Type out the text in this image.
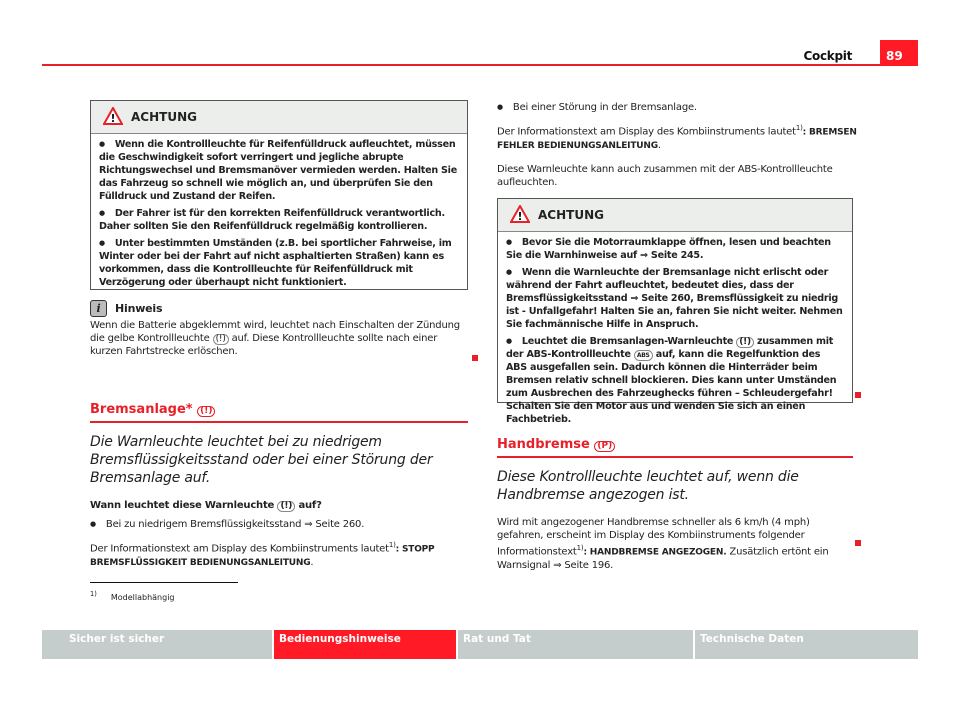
Cockpit	89
! ACHTUNG

● Wenn die Kontrollleuchte für Reifenfülldruck aufleuchtet, müssen die Geschwindigkeit sofort verringert und jegliche abrupte Richtungswechsel und Bremsmanöver vermieden werden. Halten Sie das Fahrzeug so schnell wie möglich an, und überprüfen Sie den Fülldruck und Zustand der Reifen.

● Der Fahrer ist für den korrekten Reifenfülldruck verantwortlich. Daher sollten Sie den Reifenfülldruck regelmäßig kontrollieren.

● Unter bestimmten Umständen (z.B. bei sportlicher Fahrweise, im Winter oder bei der Fahrt auf nicht asphaltierten Straßen) kann es vorkommen, dass die Kontrollleuchte für Reifenfülldruck mit Verzögerung oder überhaupt nicht funktioniert.

i	Hinweis

Wenn die Batterie abgeklemmt wird, leuchtet nach Einschalten der Zündung die gelbe Kontrollleuchte (!) auf. Diese Kontrollleuchte sollte nach einer kurzen Fahrtstrecke erlöschen.

Bremsanlage* (!)

Die Warnleuchte leuchtet bei zu niedrigem Bremsflüssigkeitsstand oder bei einer Störung der Bremsanlage auf.

Wann leuchtet diese Warnleuchte (!) auf?

● Bei zu niedrigem Bremsflüssigkeitsstand ⇒ Seite 260.

Der Informationstext am Display des Kombiinstruments lautet$^{1)}$: STOPP BREMSFLÜSSIGKEIT BEDIENUNGSANLEITUNG.

● Bei einer Störung in der Bremsanlage.

Der Informationstext am Display des Kombiinstruments lautet$^{1)}$: BREMSEN FEHLER BEDIENUNGSANLEITUNG.

Diese Warnleuchte kann auch zusammen mit der ABS-Kontrollleuchte aufleuchten.

! ACHTUNG

● Bevor Sie die Motorraumklappe öffnen, lesen und beachten Sie die Warnhinweise auf ⇒ Seite 245.

● Wenn die Warnleuchte der Bremsanlage nicht erlischt oder während der Fahrt aufleuchtet, bedeutet dies, dass der Bremsflüssigkeitsstand ⇒ Seite 260, Bremsflüssigkeit zu niedrig ist - Unfallgefahr! Halten Sie an, fahren Sie nicht weiter. Nehmen Sie fachmännische Hilfe in Anspruch.

● Leuchtet die Bremsanlagen-Warnleuchte (!) zusammen mit der ABS-Kontrollleuchte ABS auf, kann die Regelfunktion des ABS ausgefallen sein. Dadurch können die Hinterräder beim Bremsen relativ schnell blockieren. Dies kann unter Umständen zum Ausbrechen des Fahrzeughecks führen – Schleudergefahr! Schalten Sie den Motor aus und wenden Sie sich an einen Fachbetrieb.

Handbremse (P)

Diese Kontrollleuchte leuchtet auf, wenn die Handbremse angezogen ist.

Wird mit angezogener Handbremse schneller als 6 km/h (4 mph) gefahren, erscheint im Display des Kombiinstruments folgender Informationstext$^{1)}$: HANDBREMSE ANGEZOGEN. Zusätzlich ertönt ein Warnsignal ⇒ Seite 196.

$^{1)}$ Modellabhängig
Sicher ist sicher	Bedienungshinweise	Rat und Tat	Technische Daten
